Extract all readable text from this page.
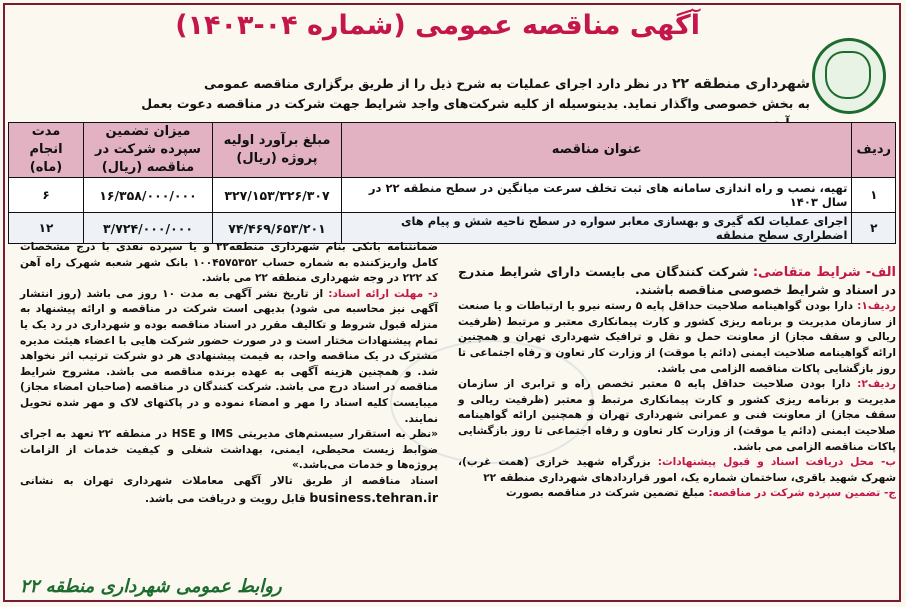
آگهی مناقصه عمومی (شماره ۰۴-۱۴۰۳)
شهرداری منطقه ۲۲ در نظر دارد اجرای عملیات به شرح ذیل را از طریق برگزاری مناقصه عمومی
به بخش خصوصی واگذار نماید. بدینوسیله از کلیه شرکت‌های واجد شرایط جهت شرکت در مناقصه دعوت بعمل
ردیف	عنوان مناقصه	مبلغ برآورد اولیه پروژه (ریال)	میزان تضمین سپرده شرکت در مناقصه (ریال)	مدت انجام (ماه)
۱	تهیه، نصب و راه اندازی سامانه های ثبت تخلف سرعت میانگین در سطح منطقه ۲۲ در سال ۱۴۰۳	۳۲۷/۱۵۳/۳۲۶/۳۰۷	۱۶/۳۵۸/۰۰۰/۰۰۰	۶
۲	اجرای عملیات لکه گیری و بهسازی معابر سواره در سطح ناحیه شش و پیام های اضطراری سطح منطقه	۷۴/۴۶۹/۶۵۳/۲۰۱	۳/۷۲۴/۰۰۰/۰۰۰	۱۲
الف- شرایط متقاضی: شرکت کنندگان می بایست دارای شرایط مندرج در اسناد و شرایط خصوصی مناقصه باشند.
ردیف۱: دارا بودن گواهینامه صلاحیت حداقل پایه ۵ رسته نیرو یا ارتباطات و یا صنعت از سازمان مدیریت و برنامه ریزی کشور و کارت پیمانکاری معتبر و مرتبط (ظرفیت ریالی و سقف مجاز) از معاونت حمل و نقل و ترافیک شهرداری تهران و همچنین ارائه گواهینامه صلاحیت ایمنی (دائم یا موقت) از وزارت کار تعاون و رفاه اجتماعی تا روز بازگشایی پاکات مناقصه الزامی می باشد.
ردیف۲: دارا بودن صلاحیت حداقل پایه ۵ معتبر تخصص راه و ترابری از سازمان مدیریت و برنامه ریزی کشور و کارت پیمانکاری مرتبط و معتبر (ظرفیت ریالی و سقف مجاز) از معاونت فنی و عمرانی شهرداری تهران و همچنین ارائه گواهینامه صلاحیت ایمنی (دائم یا موقت) از وزارت کار تعاون و رفاه اجتماعی تا روز بازگشایی پاکات مناقصه الزامی می باشد.
ب- محل دریافت اسناد و قبول پیشنهادات: بزرگراه شهید خرازی (همت غرب)، شهرک شهید باقری، ساختمان شماره یک، امور قراردادهای شهرداری منطقه ۲۲
ج- تضمین سپرده شرکت در مناقصه: مبلغ تضمین شرکت در مناقصه بصورت
ضمانتنامه بانکی بنام شهرداری منطقه۲۲ و یا سپرده نقدی با درج مشخصات کامل واریزکننده به شماره حساب ۱۰۰۴۵۷۵۳۵۲ بانک شهر شعبه شهرک راه آهن کد ۲۲۲ در وجه شهرداری منطقه ۲۲ می باشد.
د- مهلت ارائه اسناد: از تاریخ نشر آگهی به مدت ۱۰ روز می باشد (روز انتشار آگهی نیز محاسبه می شود) بدیهی است شرکت در مناقصه و ارائه پیشنهاد به منزله قبول شروط و تکالیف مقرر در اسناد مناقصه بوده و شهرداری در رد یک یا تمام پیشنهادات مختار است و در صورت حضور شرکت هایی با اعضاء هیئت مدیره مشترک در یک مناقصه واحد، به قیمت پیشنهادی هر دو شرکت ترتیب اثر نخواهد شد. و همچنین هزینه آگهی به عهده برنده مناقصه می باشد. مشروح شرایط مناقصه در اسناد درج می باشد. شرکت کنندگان در مناقصه (صاحبان امضاء مجاز) میبایست کلیه اسناد را مهر و امضاء نموده و در پاکتهای لاک و مهر شده تحویل نمایند.
«نظر به استقرار سیستم‌های مدیریتی IMS و HSE در منطقه ۲۲ تعهد به اجرای ضوابط زیست محیطی، ایمنی، بهداشت شغلی و کیفیت خدمات از الزامات پروژه‌ها و خدمات می‌باشد.»
اسناد مناقصه از طریق تالار آگهی معاملات شهرداری تهران به نشانی business.tehran.ir قابل رویت و دریافت می باشد.
روابط عمومی شهرداری منطقه ۲۲
